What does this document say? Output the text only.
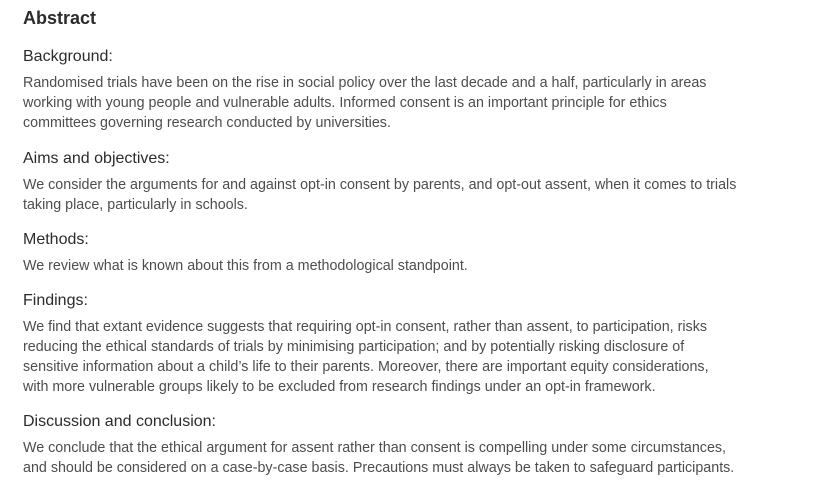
Abstract
Background:

Randomised trials have been on the rise in social policy over the last decade and a half, particularly in areas
working with young people and vulnerable adults. Informed consent is an important principle for ethics
committees governing research conducted by universities.

Aims and objectives:

We consider the arguments for and against opt-in consent by parents, and opt-out assent, when it comes to trials
taking place, particularly in schools.

Methods:

We review what is known about this from a methodological standpoint.

Findings:

We find that extant evidence suggests that requiring opt-in consent, rather than assent, to participation, risks
reducing the ethical standards of trials by minimising participation; and by potentially risking disclosure of
sensitive information about a child’s life to their parents. Moreover, there are important equity considerations,
with more vulnerable groups likely to be excluded from research findings under an opt-in framework.

Discussion and conclusion:

We conclude that the ethical argument for assent rather than consent is compelling under some circumstances,
and should be considered on a case-by-case basis. Precautions must always be taken to safeguard participants.
